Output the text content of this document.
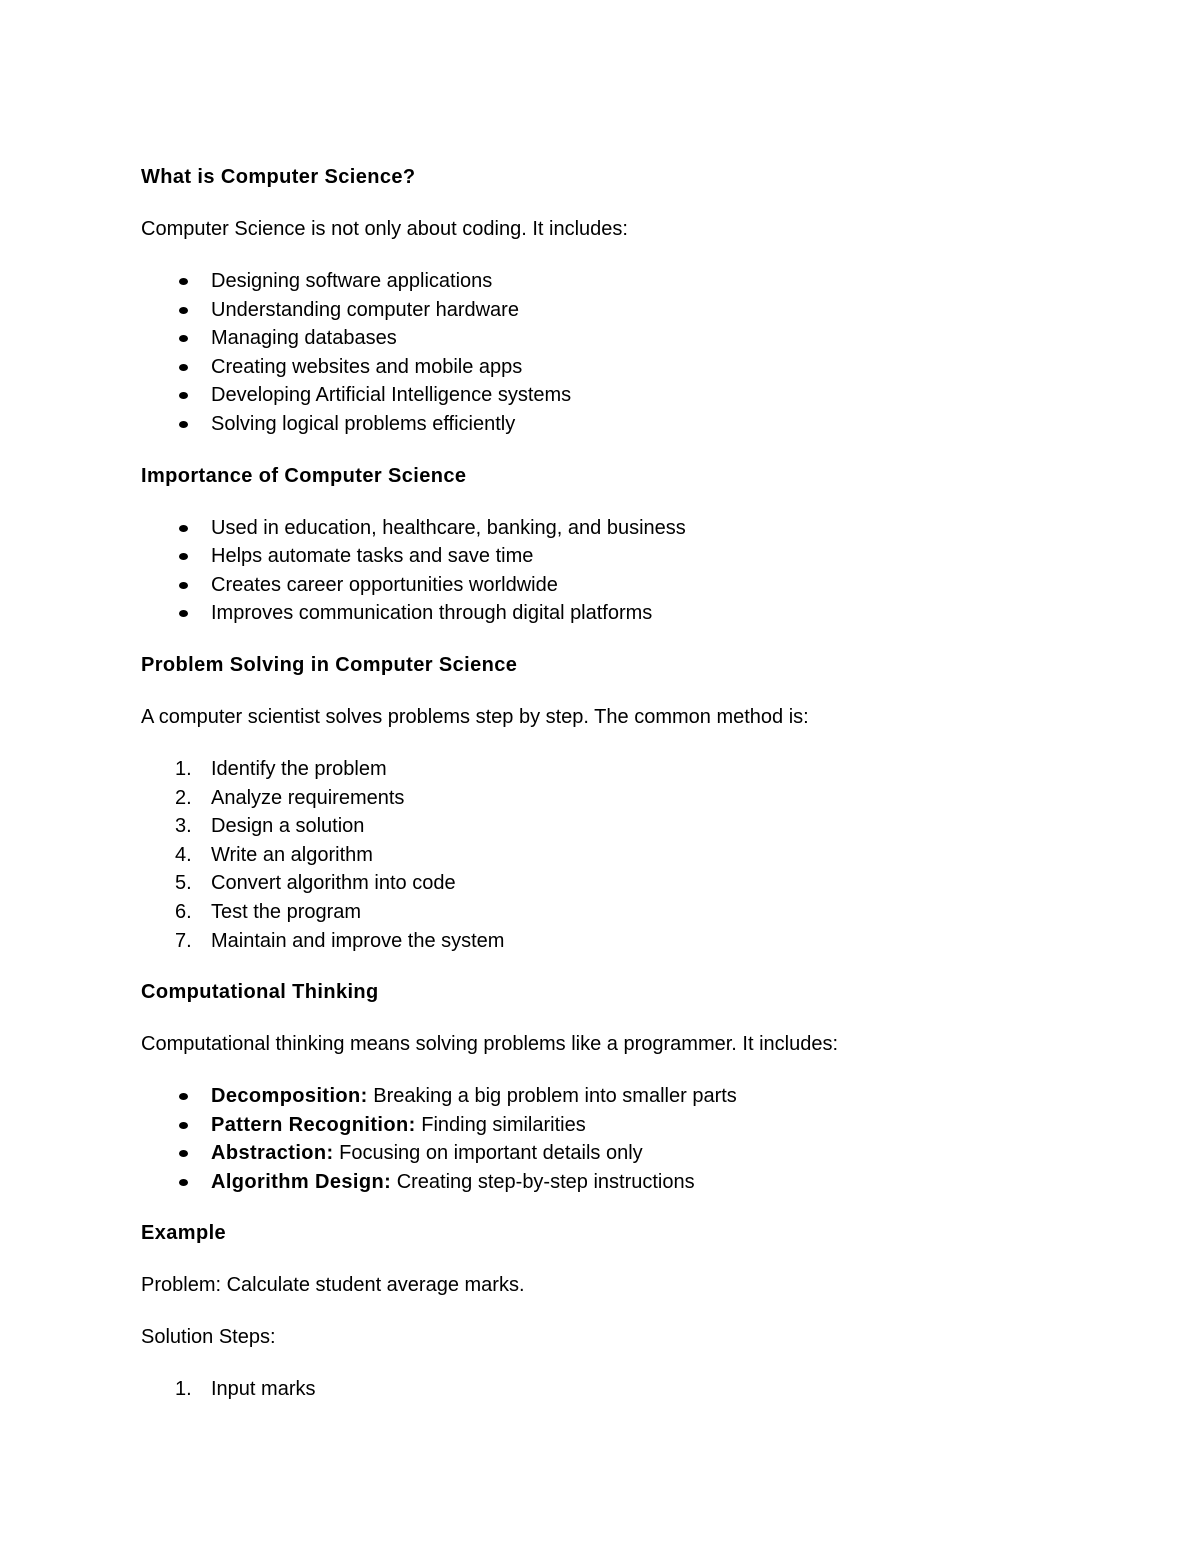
What is Computer Science?
Computer Science is not only about coding. It includes:
Designing software applications
Understanding computer hardware
Managing databases
Creating websites and mobile apps
Developing Artificial Intelligence systems
Solving logical problems efficiently
Importance of Computer Science
Used in education, healthcare, banking, and business
Helps automate tasks and save time
Creates career opportunities worldwide
Improves communication through digital platforms
Problem Solving in Computer Science
A computer scientist solves problems step by step. The common method is:
1. Identify the problem
2. Analyze requirements
3. Design a solution
4. Write an algorithm
5. Convert algorithm into code
6. Test the program
7. Maintain and improve the system
Computational Thinking
Computational thinking means solving problems like a programmer. It includes:
Decomposition: Breaking a big problem into smaller parts
Pattern Recognition: Finding similarities
Abstraction: Focusing on important details only
Algorithm Design: Creating step-by-step instructions
Example
Problem: Calculate student average marks.
Solution Steps:
1. Input marks
